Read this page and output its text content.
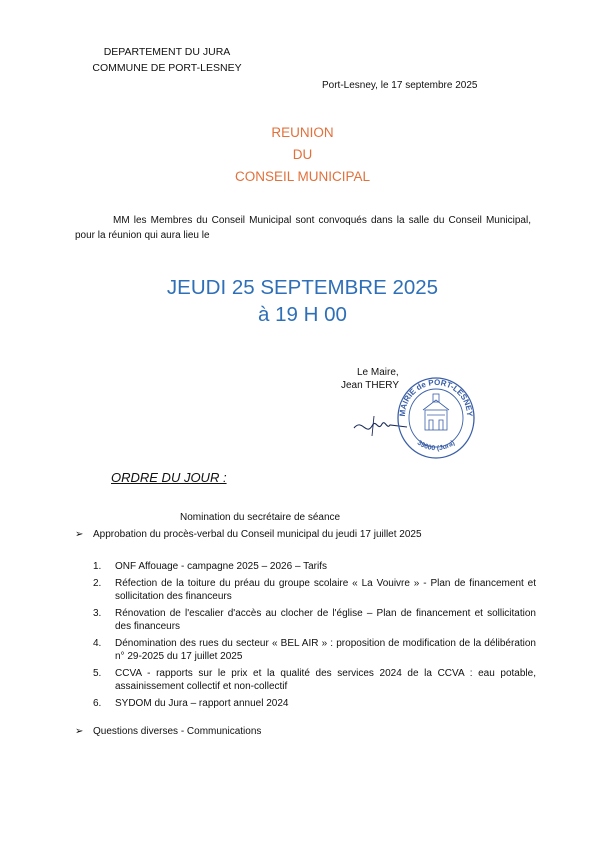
DEPARTEMENT DU JURA
COMMUNE DE PORT-LESNEY
Port-Lesney, le 17 septembre 2025
REUNION
DU
CONSEIL MUNICIPAL
MM les Membres du Conseil Municipal sont convoqués dans la salle du Conseil Municipal, pour la réunion qui aura lieu le
JEUDI 25 SEPTEMBRE 2025
à 19 H 00
Le Maire,
Jean THERY
MAIRIE de PORT-LESNEY
39600 (Jura)
ORDRE DU JOUR :
Nomination du secrétaire de séance
➢ Approbation du procès-verbal du Conseil municipal du jeudi 17 juillet 2025
1. ONF Affouage - campagne 2025 – 2026 – Tarifs
2. Réfection de la toiture du préau du groupe scolaire « La Vouivre » - Plan de financement et sollicitation des financeurs
3. Rénovation de l'escalier d'accès au clocher de l'église – Plan de financement et sollicitation des financeurs
4. Dénomination des rues du secteur « BEL AIR » : proposition de modification de la délibération n° 29-2025 du 17 juillet 2025
5. CCVA - rapports sur le prix et la qualité des services 2024 de la CCVA : eau potable, assainissement collectif et non-collectif
6. SYDOM du Jura – rapport annuel 2024
➢ Questions diverses - Communications
